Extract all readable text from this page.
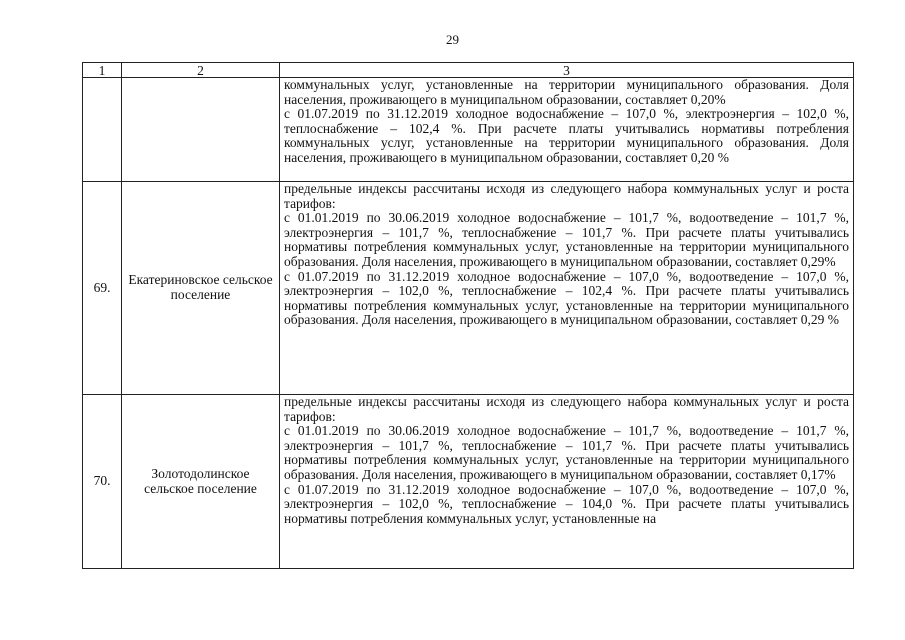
29
1	2	3

		коммунальных услуг, установленные на территории муниципального образования. Доля населения, проживающего в муниципальном образовании, составляет 0,20%
с 01.07.2019 по 31.12.2019 холодное водоснабжение – 107,0 %, электроэнергия – 102,0 %, теплоснабжение – 102,4 %. При расчете платы учитывались нормативы потребления коммунальных услуг, установленные на территории муниципального образования. Доля населения, проживающего в муниципальном образовании, составляет 0,20 %

69.	Екатериновское сельское поселение	предельные индексы рассчитаны исходя из следующего набора коммунальных услуг и роста тарифов:
с 01.01.2019 по 30.06.2019 холодное водоснабжение – 101,7 %, водоотведение – 101,7 %, электроэнергия – 101,7 %, теплоснабжение – 101,7 %. При расчете платы учитывались нормативы потребления коммунальных услуг, установленные на территории муниципального образования. Доля населения, проживающего в муниципальном образовании, составляет 0,29%
с 01.07.2019 по 31.12.2019 холодное водоснабжение – 107,0 %, водоотведение – 107,0 %, электроэнергия – 102,0 %, теплоснабжение – 102,4 %. При расчете платы учитывались нормативы потребления коммунальных услуг, установленные на территории муниципального образования. Доля населения, проживающего в муниципальном образовании, составляет 0,29 %

70.	Золотодолинское сельское поселение	предельные индексы рассчитаны исходя из следующего набора коммунальных услуг и роста тарифов:
с 01.01.2019 по 30.06.2019 холодное водоснабжение – 101,7 %, водоотведение – 101,7 %, электроэнергия – 101,7 %, теплоснабжение – 101,7 %. При расчете платы учитывались нормативы потребления коммунальных услуг, установленные на территории муниципального образования. Доля населения, проживающего в муниципальном образовании, составляет 0,17%
с 01.07.2019 по 31.12.2019 холодное водоснабжение – 107,0 %, водоотведение – 107,0 %, электроэнергия – 102,0 %, теплоснабжение – 104,0 %. При расчете платы учитывались нормативы потребления коммунальных услуг, установленные на
